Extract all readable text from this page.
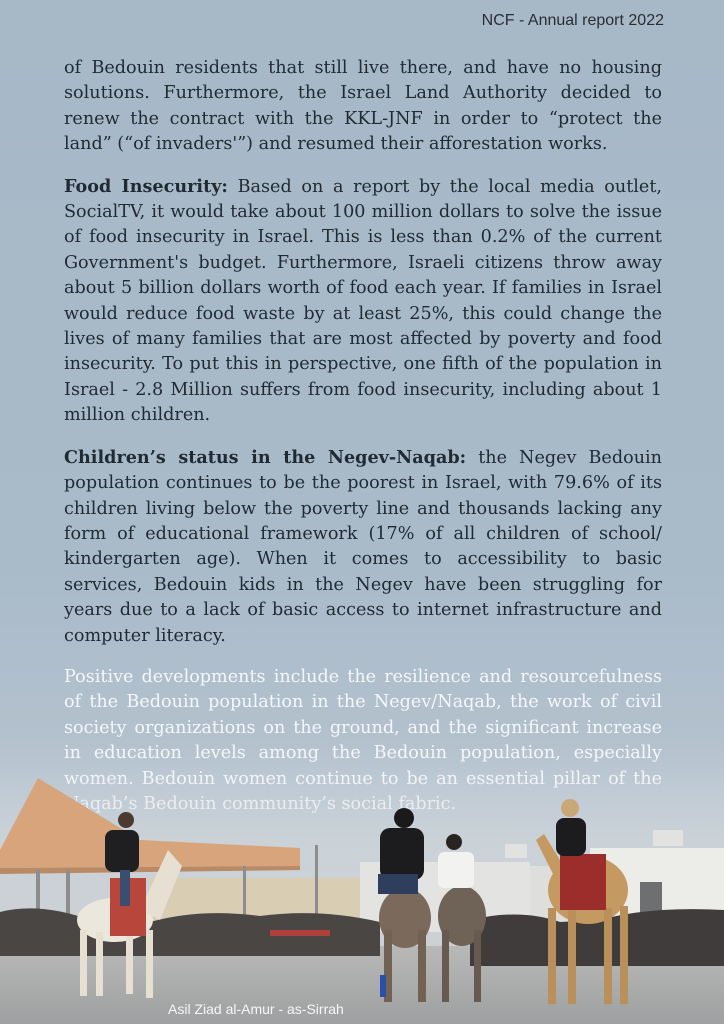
NCF - Annual report 2022

of Bedouin residents that still live there, and have no housing solutions. Furthermore, the Israel Land Authority decided to renew the contract with the KKL-JNF in order to “protect the land” (“of invaders'”) and resumed their afforestation works.

Food Insecurity: Based on a report by the local media outlet, SocialTV, it would take about 100 million dollars to solve the issue of food insecurity in Israel. This is less than 0.2% of the current Government's budget. Furthermore, Israeli citizens throw away about 5 billion dollars worth of food each year. If families in Israel would reduce food waste by at least 25%, this could change the lives of many families that are most affected by poverty and food insecurity. To put this in perspective, one fifth of the population in Israel - 2.8 Million suffers from food insecurity, including about 1 million children.

Children’s status in the Negev-Naqab: the Negev Bedouin population continues to be the poorest in Israel, with 79.6% of its children living below the poverty line and thousands lacking any form of educational framework (17% of all children of school/ kindergarten age). When it comes to accessibility to basic services, Bedouin kids in the Negev have been struggling for years due to a lack of basic access to internet infrastructure and computer literacy.

Positive developments include the resilience and resourcefulness of the Bedouin population in the Negev/Naqab, the work of civil society organizations on the ground, and the significant increase in education levels among the Bedouin population, especially

Asil Ziad al-Amur - as-Sirrah
